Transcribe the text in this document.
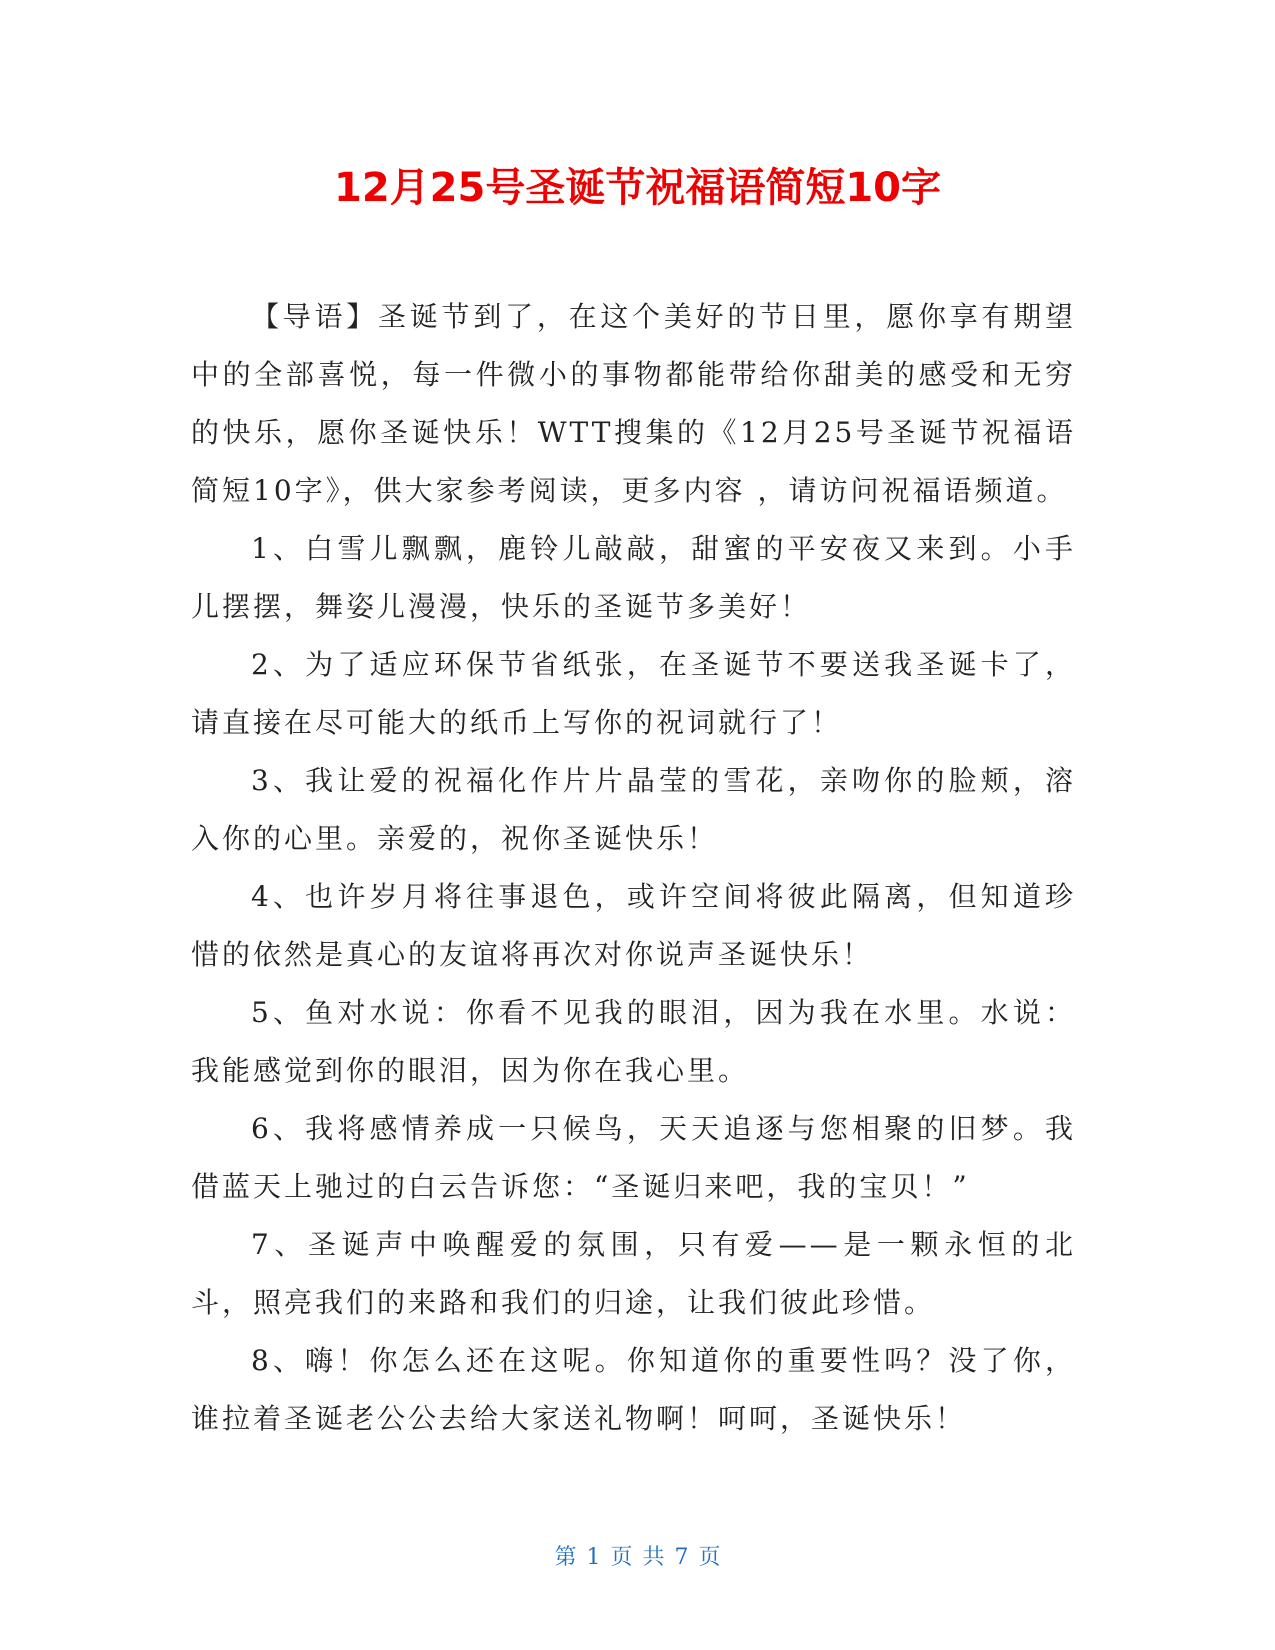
12月25号圣诞节祝福语简短10字

【导语】圣诞节到了，在这个美好的节日里，愿你享有期望中的全部喜悦，每一件微小的事物都能带给你甜美的感受和无穷的快乐，愿你圣诞快乐！WTT搜集的《12月25号圣诞节祝福语简短10字》，供大家参考阅读，更多内容 ，请访问祝福语频道。

1、白雪儿飘飘，鹿铃儿敲敲，甜蜜的平安夜又来到。小手儿摆摆，舞姿儿漫漫，快乐的圣诞节多美好！

2、为了适应环保节省纸张，在圣诞节不要送我圣诞卡了，请直接在尽可能大的纸币上写你的祝词就行了！

3、我让爱的祝福化作片片晶莹的雪花，亲吻你的脸颊，溶入你的心里。亲爱的，祝你圣诞快乐！

4、也许岁月将往事退色，或许空间将彼此隔离，但知道珍惜的依然是真心的友谊将再次对你说声圣诞快乐！

5、鱼对水说：你看不见我的眼泪，因为我在水里。水说：我能感觉到你的眼泪，因为你在我心里。

6、我将感情养成一只候鸟，天天追逐与您相聚的旧梦。我借蓝天上驰过的白云告诉您：“圣诞归来吧，我的宝贝！”

7、圣诞声中唤醒爱的氛围，只有爱——是一颗永恒的北斗，照亮我们的来路和我们的归途，让我们彼此珍惜。

8、嗨！你怎么还在这呢。你知道你的重要性吗？没了你，谁拉着圣诞老公公去给大家送礼物啊！呵呵，圣诞快乐！

第 1 页 共 7 页
